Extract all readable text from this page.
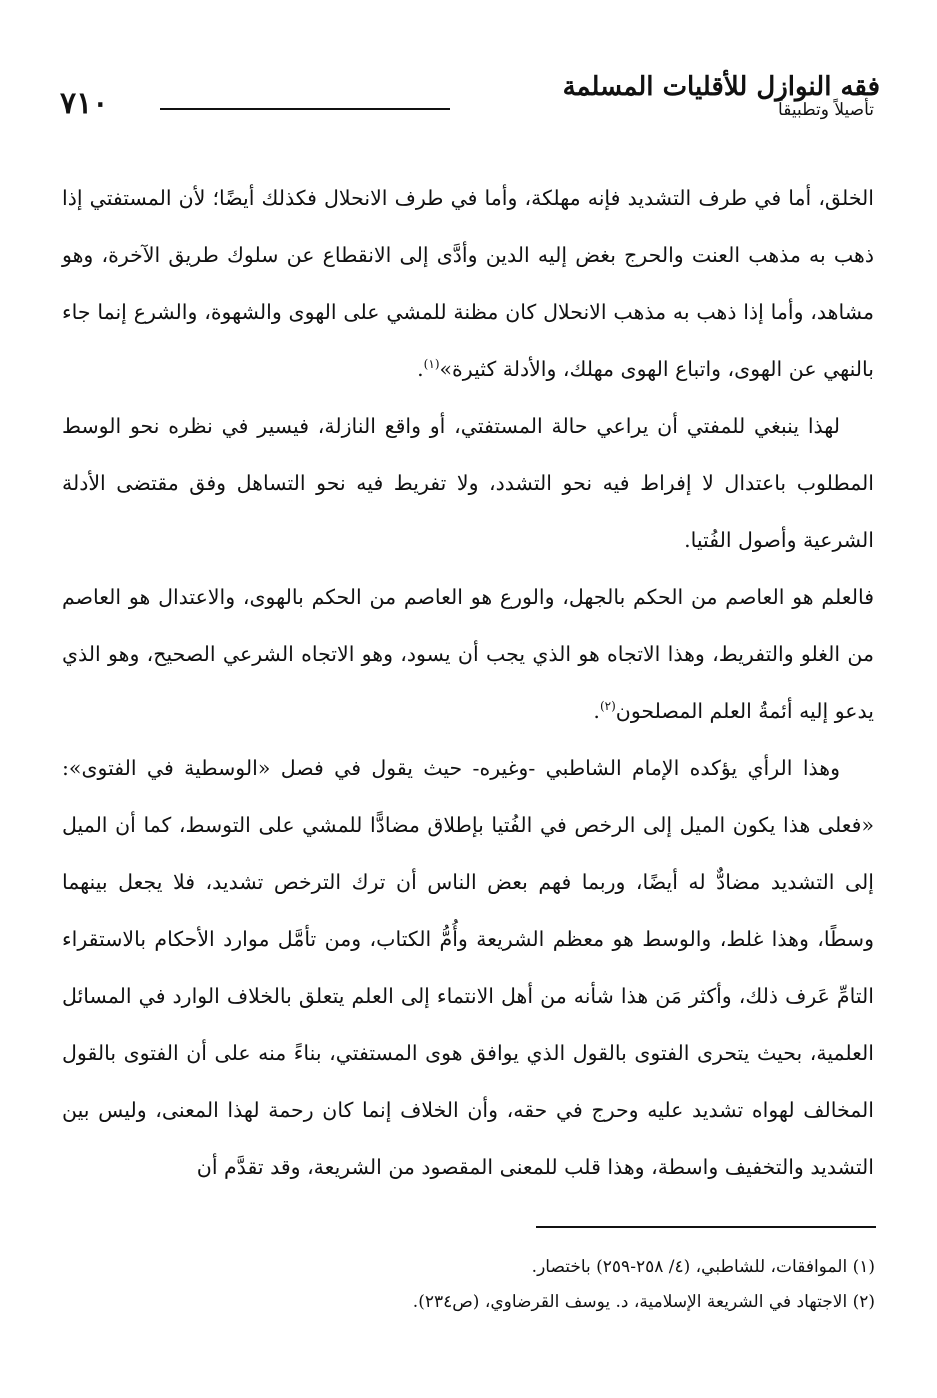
٧١٠	فقه النوازل للأقليات المسلمة
تأصيلاً وتطبيقاً

الخلق، أما في طرف التشديد فإنه مهلكة، وأما في طرف الانحلال فكذلك أيضًا؛ لأن المستفتي إذا ذهب به مذهب العنت والحرج بغض إليه الدين وأدَّى إلى الانقطاع عن سلوك طريق الآخرة، وهو مشاهد، وأما إذا ذهب به مذهب الانحلال كان مظنة للمشي على الهوى والشهوة، والشرع إنما جاء بالنهي عن الهوى، واتباع الهوى مهلك، والأدلة كثيرة»$^{(١)}$.

لهذا ينبغي للمفتي أن يراعي حالة المستفتي، أو واقع النازلة، فيسير في نظره نحو الوسط المطلوب باعتدال لا إفراط فيه نحو التشدد، ولا تفريط فيه نحو التساهل وفق مقتضى الأدلة الشرعية وأصول الفُتيا.

فالعلم هو العاصم من الحكم بالجهل، والورع هو العاصم من الحكم بالهوى، والاعتدال هو العاصم من الغلو والتفريط، وهذا الاتجاه هو الذي يجب أن يسود، وهو الاتجاه الشرعي الصحيح، وهو الذي يدعو إليه أئمةُ العلم المصلحون$^{(٢)}$.

وهذا الرأي يؤكده الإمام الشاطبي -وغيره- حيث يقول في فصل «الوسطية في الفتوى»: «فعلى هذا يكون الميل إلى الرخص في الفُتيا بإطلاق مضادًّا للمشي على التوسط، كما أن الميل إلى التشديد مضادٌّ له أيضًا، وربما فهم بعض الناس أن ترك الترخص تشديد، فلا يجعل بينهما وسطًا، وهذا غلط، والوسط هو معظم الشريعة وأُمُّ الكتاب، ومن تأمَّل موارد الأحكام بالاستقراء التامِّ عَرف ذلك، وأكثر مَن هذا شأنه من أهل الانتماء إلى العلم يتعلق بالخلاف الوارد في المسائل العلمية، بحيث يتحرى الفتوى بالقول الذي يوافق هوى المستفتي، بناءً منه على أن الفتوى بالقول المخالف لهواه تشديد عليه وحرج في حقه، وأن الخلاف إنما كان رحمة لهذا المعنى، وليس بين التشديد والتخفيف واسطة، وهذا قلب للمعنى المقصود من الشريعة، وقد تقدَّم أن

(١) الموافقات، للشاطبي، (٤/ ٢٥٨-٢٥٩) باختصار.
(٢) الاجتهاد في الشريعة الإسلامية، د. يوسف القرضاوي، (ص٢٣٤).
